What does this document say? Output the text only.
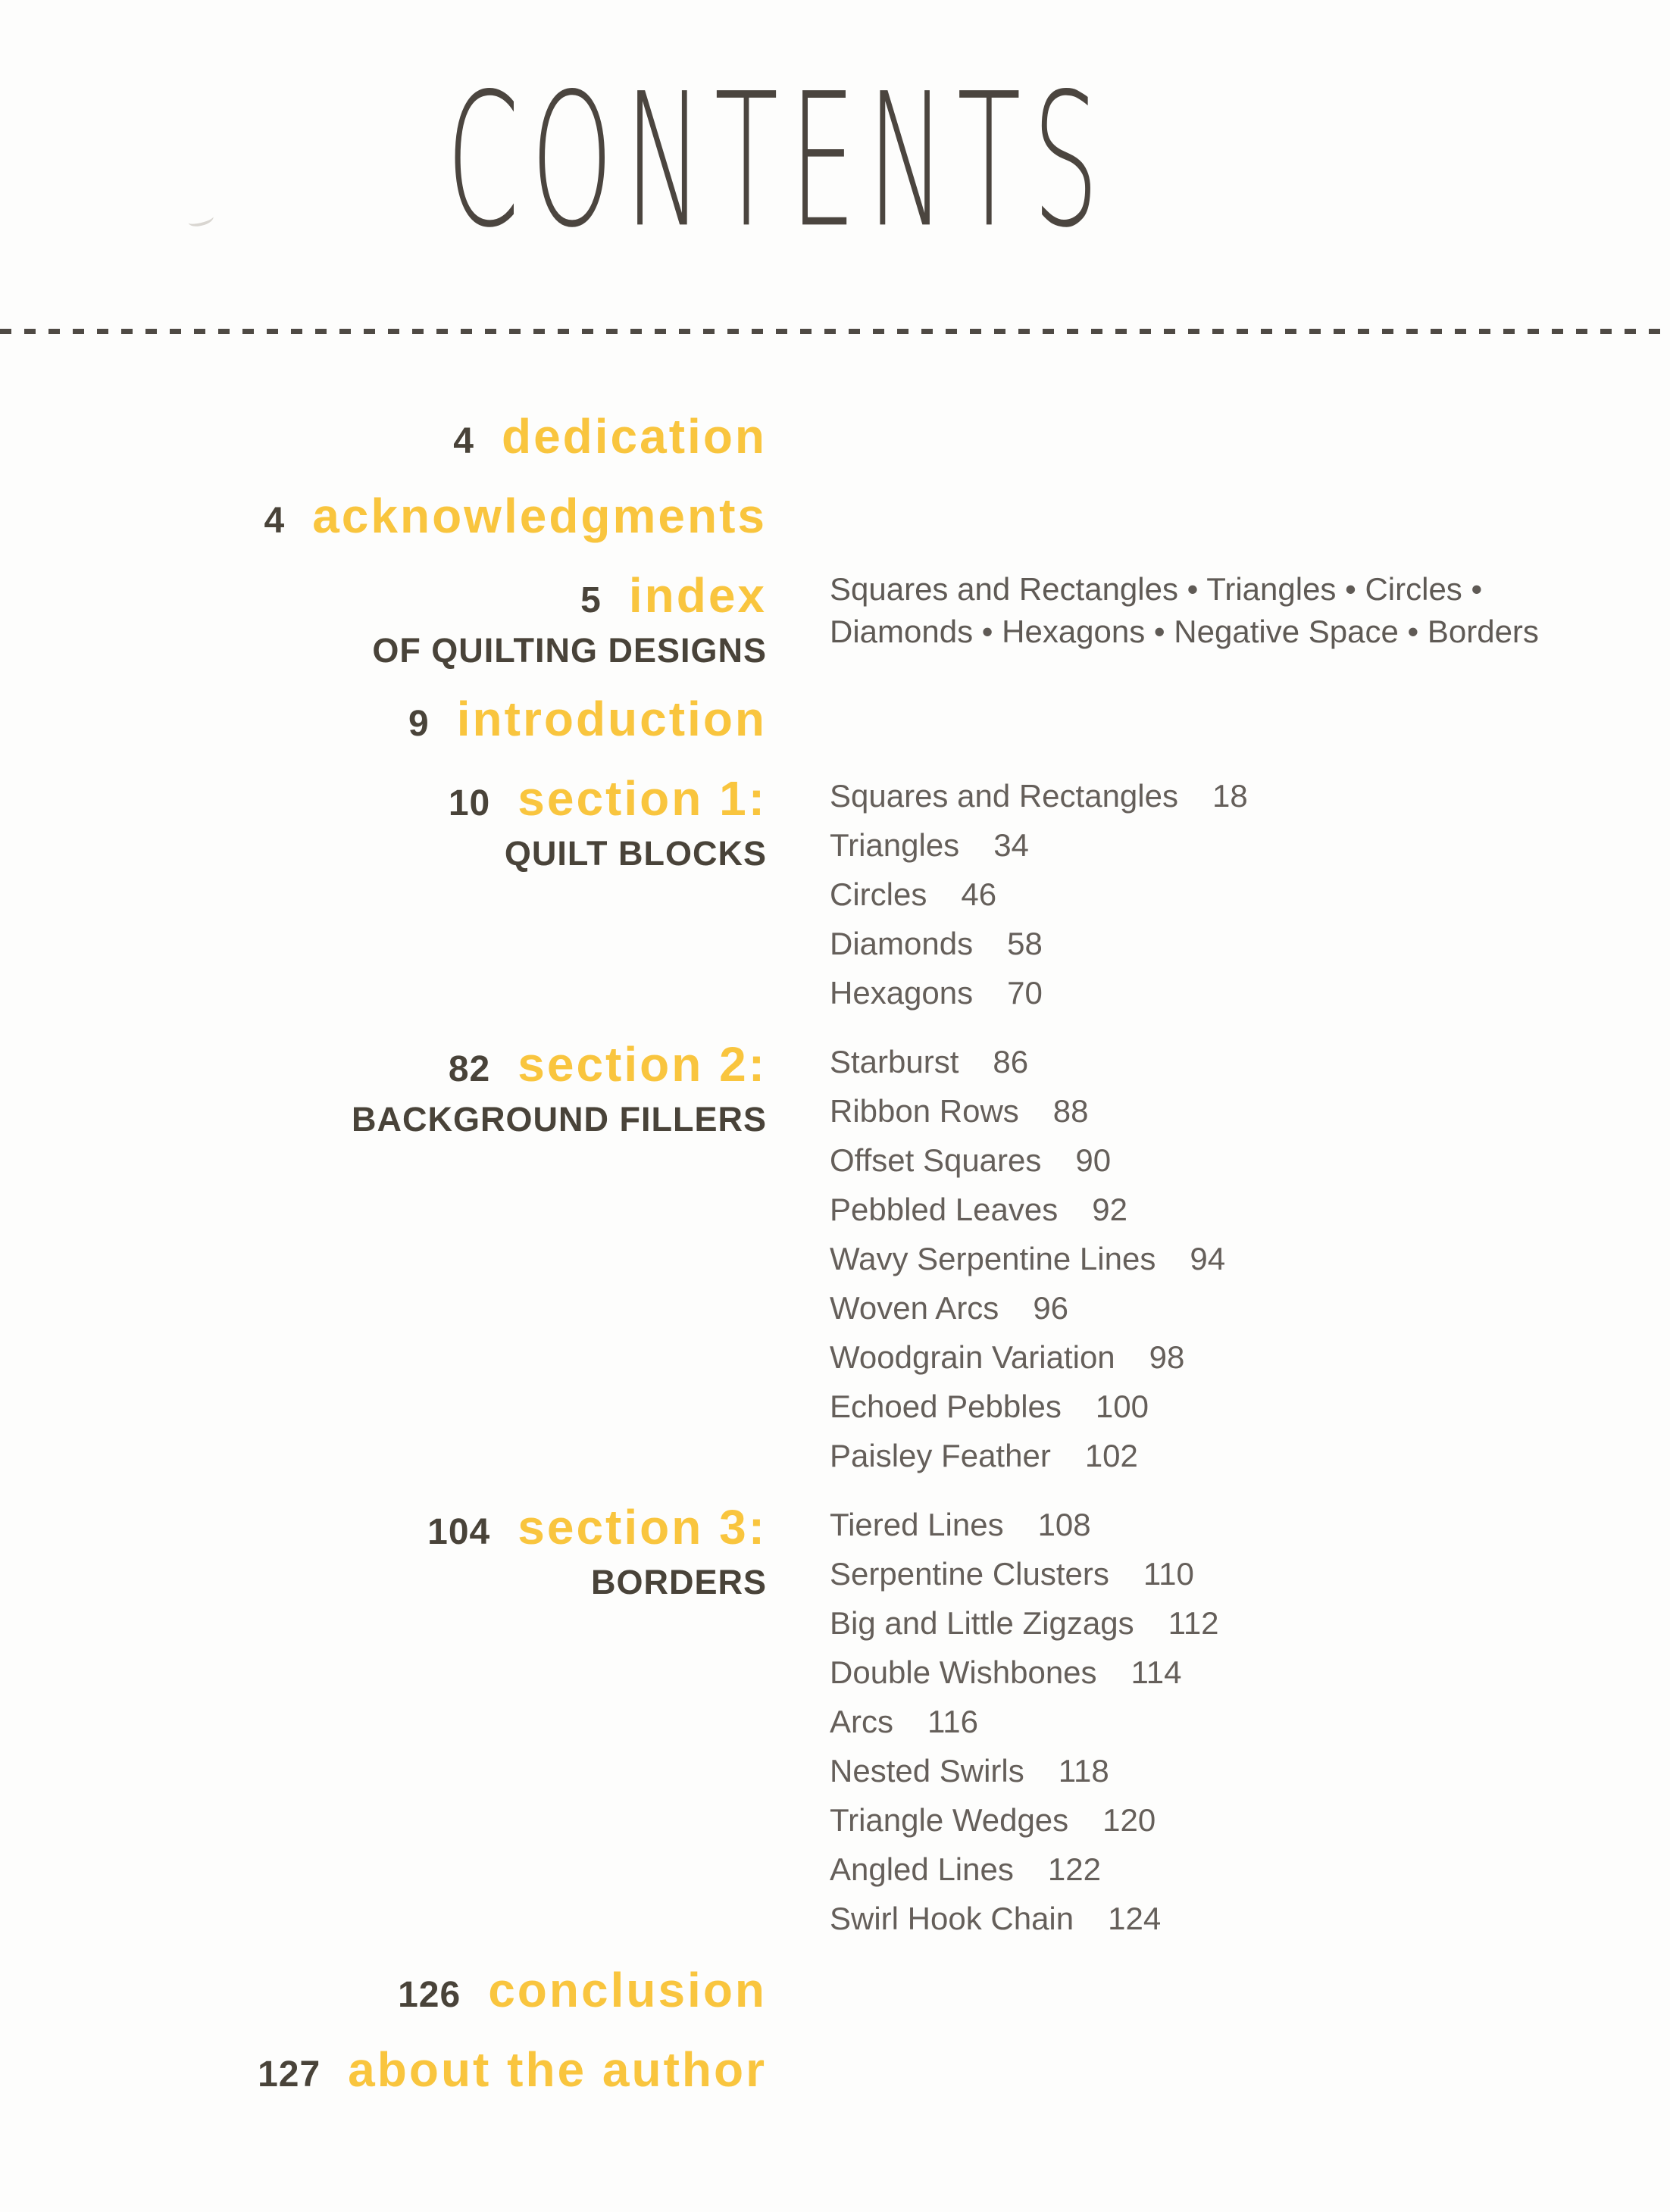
CONTENTS
4 dedication
4 acknowledgments
5 index
OF QUILTING DESIGNS
Squares and Rectangles • Triangles • Circles •
Diamonds • Hexagons • Negative Space • Borders
9 introduction
10 section 1:
QUILT BLOCKS
Squares and Rectangles 18
Triangles 34
Circles 46
Diamonds 58
Hexagons 70
82 section 2:
BACKGROUND FILLERS
Starburst 86
Ribbon Rows 88
Offset Squares 90
Pebbled Leaves 92
Wavy Serpentine Lines 94
Woven Arcs 96
Woodgrain Variation 98
Echoed Pebbles 100
Paisley Feather 102
104 section 3:
BORDERS
Tiered Lines 108
Serpentine Clusters 110
Big and Little Zigzags 112
Double Wishbones 114
Arcs 116
Nested Swirls 118
Triangle Wedges 120
Angled Lines 122
Swirl Hook Chain 124
126 conclusion
127 about the author
